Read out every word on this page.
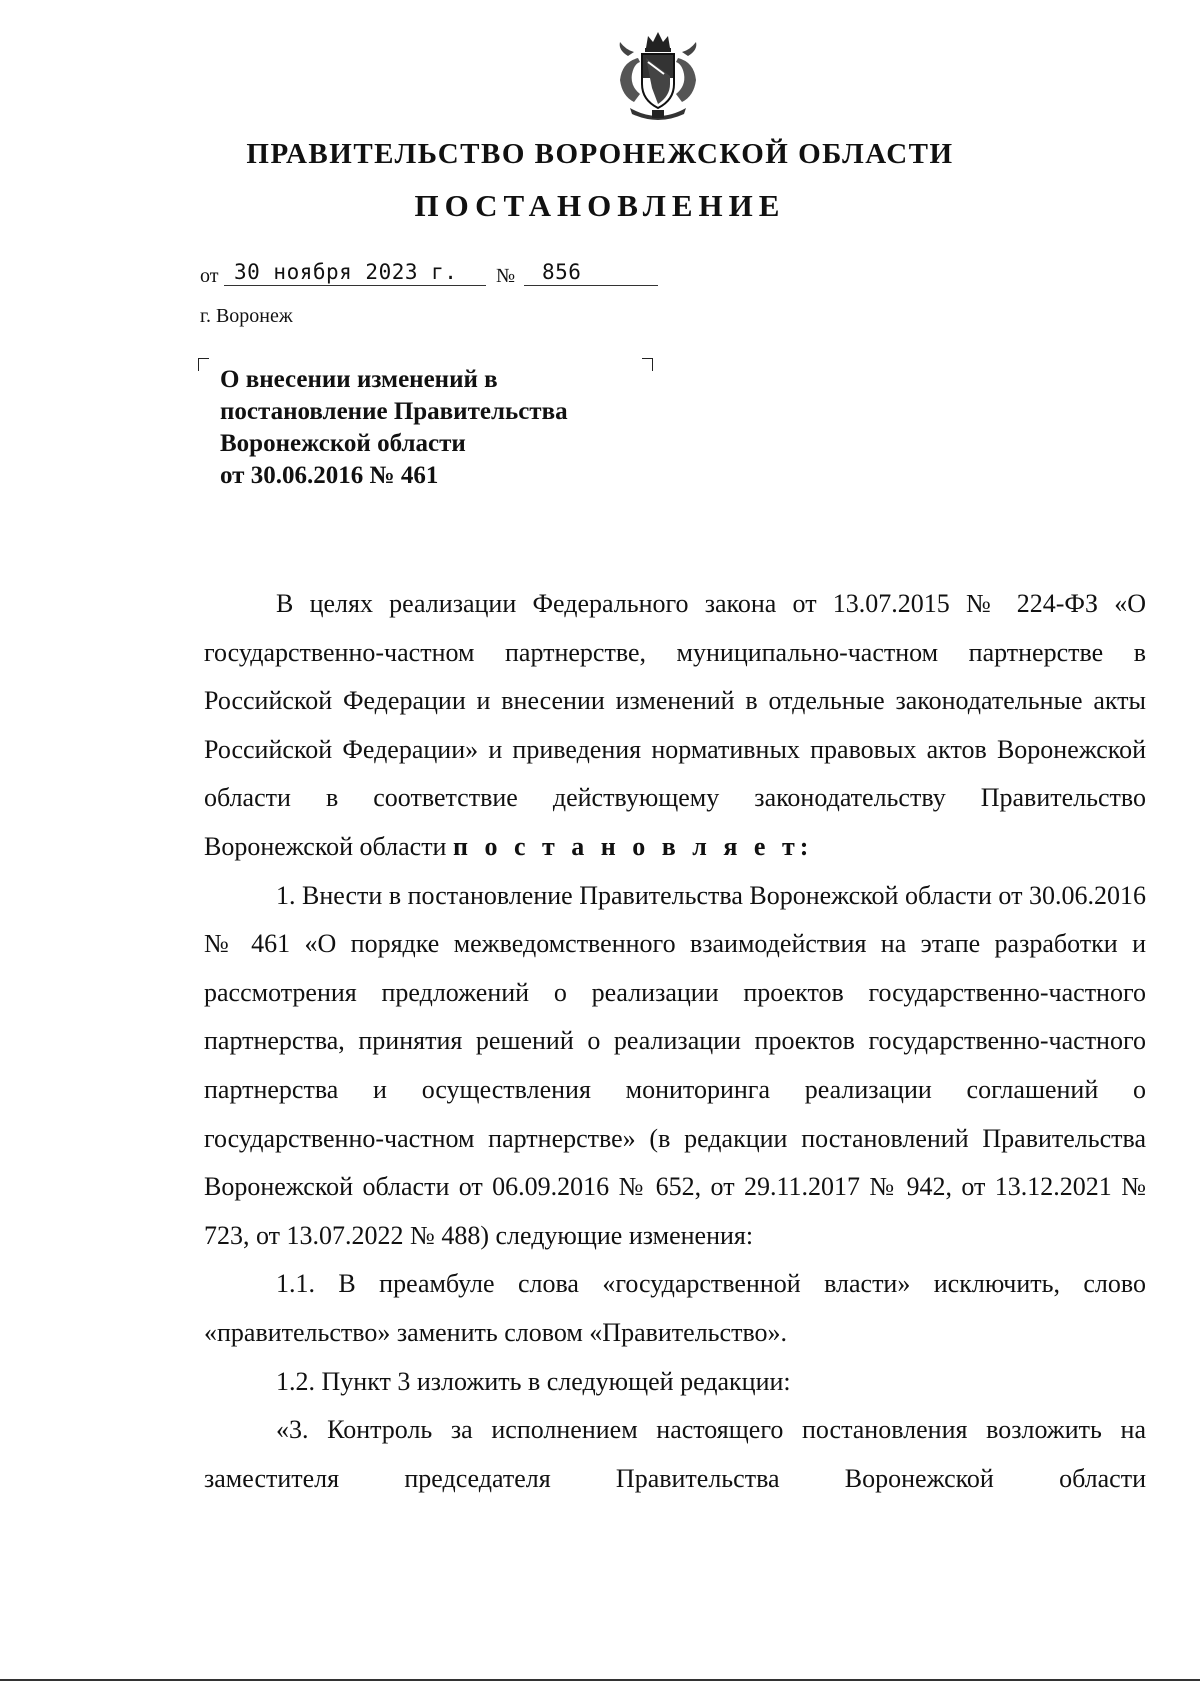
ПРАВИТЕЛЬСТВО ВОРОНЕЖСКОЙ ОБЛАСТИ
ПОСТАНОВЛЕНИЕ
от 30 ноября 2023 г. № 856
г. Воронеж
О внесении изменений в
постановление Правительства
Воронежской области
от 30.06.2016 № 461

В целях реализации Федерального закона от 13.07.2015 № 224-ФЗ «О государственно-частном партнерстве, муниципально-частном партнерстве в Российской Федерации и внесении изменений в отдельные законодательные акты Российской Федерации» и приведения нормативных правовых актов Воронежской области в соответствие действующему законодательству Правительство Воронежской области п о с т а н о в л я е т:

1. Внести в постановление Правительства Воронежской области от 30.06.2016 № 461 «О порядке межведомственного взаимодействия на этапе разработки и рассмотрения предложений о реализации проектов государственно-частного партнерства, принятия решений о реализации проектов государственно-частного партнерства и осуществления мониторинга реализации соглашений о государственно-частном партнерстве» (в редакции постановлений Правительства Воронежской области от 06.09.2016 № 652, от 29.11.2017 № 942, от 13.12.2021 № 723, от 13.07.2022 № 488) следующие изменения:

1.1. В преамбуле слова «государственной власти» исключить, слово «правительство» заменить словом «Правительство».

1.2. Пункт 3 изложить в следующей редакции:

«3. Контроль за исполнением настоящего постановления возложить на заместителя председателя Правительства Воронежской области
